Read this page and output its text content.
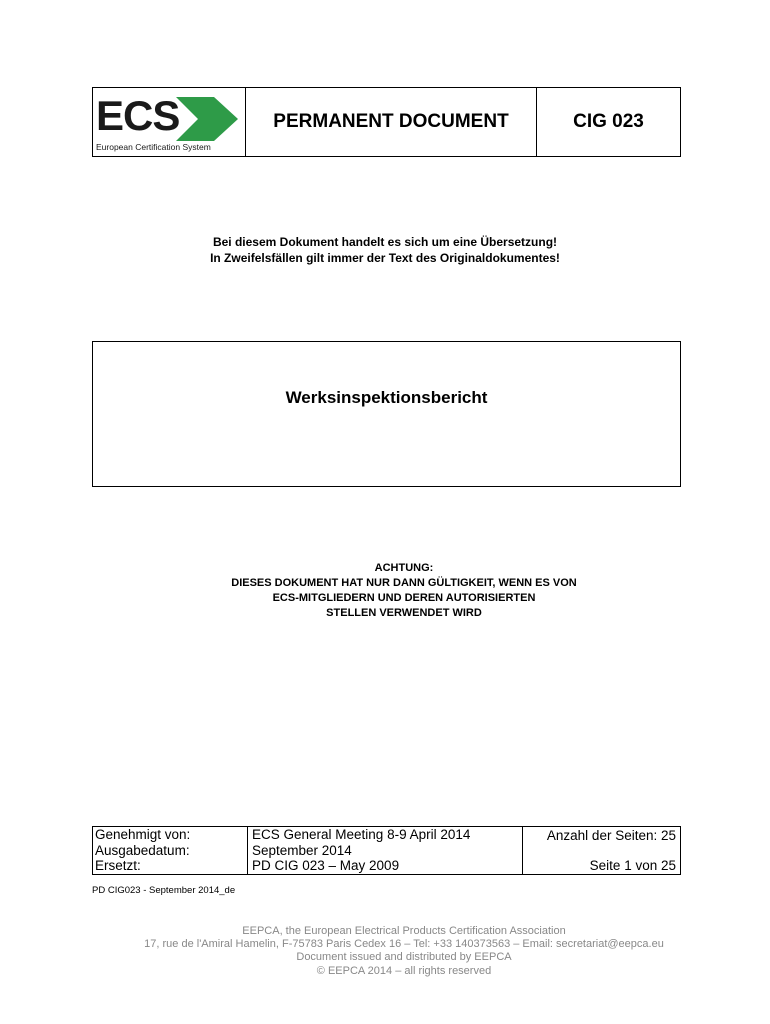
ECS
European Certification System
PERMANENT DOCUMENT	CIG 023
Bei diesem Dokument handelt es sich um eine Übersetzung!
In Zweifelsfällen gilt immer der Text des Originaldokumentes!
Werksinspektionsbericht
ACHTUNG:
DIESES DOKUMENT HAT NUR DANN GÜLTIGKEIT, WENN ES VON
ECS-MITGLIEDERN UND DEREN AUTORISIERTEN
STELLEN VERWENDET WIRD
Genehmigt von:
Ausgabedatum:
Ersetzt:
ECS General Meeting 8-9 April 2014
September 2014
PD CIG 023 – May 2009
Anzahl der Seiten: 25
Seite 1 von 25
PD CIG023 - September 2014_de
EEPCA, the European Electrical Products Certification Association
17, rue de l'Amiral Hamelin, F-75783 Paris Cedex 16 – Tel: +33 140373563 – Email: secretariat@eepca.eu
Document issued and distributed by EEPCA
© EEPCA 2014 – all rights reserved
